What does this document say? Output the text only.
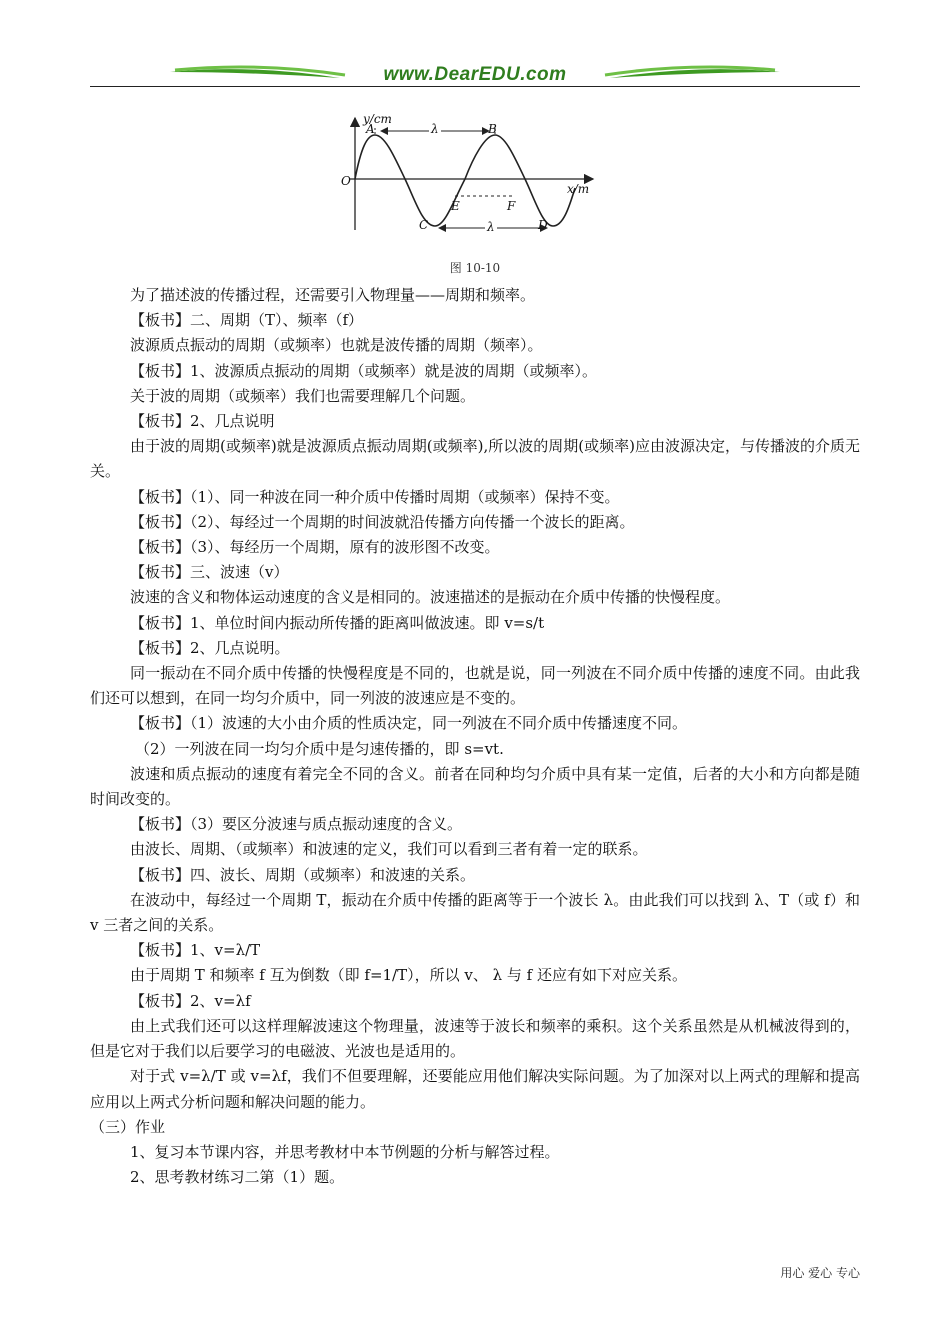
www.DearEDU.com
y/cm
x/m
O
A	B
C	D
E	F
λ
λ
图 10-10
为了描述波的传播过程，还需要引入物理量——周期和频率。
【板书】二、周期（T）、频率（f）
波源质点振动的周期（或频率）也就是波传播的周期（频率）。
【板书】1、波源质点振动的周期（或频率）就是波的周期（或频率）。
关于波的周期（或频率）我们也需要理解几个问题。
【板书】2、几点说明
由于波的周期(或频率)就是波源质点振动周期(或频率),所以波的周期(或频率)应由波源决定，与传播波的介质无关。
【板书】（1）、同一种波在同一种介质中传播时周期（或频率）保持不变。
【板书】（2）、每经过一个周期的时间波就沿传播方向传播一个波长的距离。
【板书】（3）、每经历一个周期，原有的波形图不改变。
【板书】三、波速（v）
波速的含义和物体运动速度的含义是相同的。波速描述的是振动在介质中传播的快慢程度。
【板书】1、单位时间内振动所传播的距离叫做波速。即 v=s/t
【板书】2、几点说明。
同一振动在不同介质中传播的快慢程度是不同的，也就是说，同一列波在不同介质中传播的速度不同。由此我们还可以想到，在同一均匀介质中，同一列波的波速应是不变的。
【板书】（1）波速的大小由介质的性质决定，同一列波在不同介质中传播速度不同。
（2）一列波在同一均匀介质中是匀速传播的，即 s=vt.
波速和质点振动的速度有着完全不同的含义。前者在同种均匀介质中具有某一定值，后者的大小和方向都是随时间改变的。
【板书】（3）要区分波速与质点振动速度的含义。
由波长、周期、（或频率）和波速的定义，我们可以看到三者有着一定的联系。
【板书】四、波长、周期（或频率）和波速的关系。
在波动中，每经过一个周期 T，振动在介质中传播的距离等于一个波长 λ。由此我们可以找到 λ、T（或 f）和 v 三者之间的关系。
【板书】1、v=λ/T
由于周期 T 和频率 f 互为倒数（即 f=1/T），所以 v、 λ 与 f 还应有如下对应关系。
【板书】2、v=λf
由上式我们还可以这样理解波速这个物理量，波速等于波长和频率的乘积。这个关系虽然是从机械波得到的，但是它对于我们以后要学习的电磁波、光波也是适用的。
对于式 v=λ/T 或 v=λf，我们不但要理解，还要能应用他们解决实际问题。为了加深对以上两式的理解和提高应用以上两式分析问题和解决问题的能力。
（三）作业
1、复习本节课内容，并思考教材中本节例题的分析与解答过程。
2、思考教材练习二第（1）题。
用心 爱心 专心
